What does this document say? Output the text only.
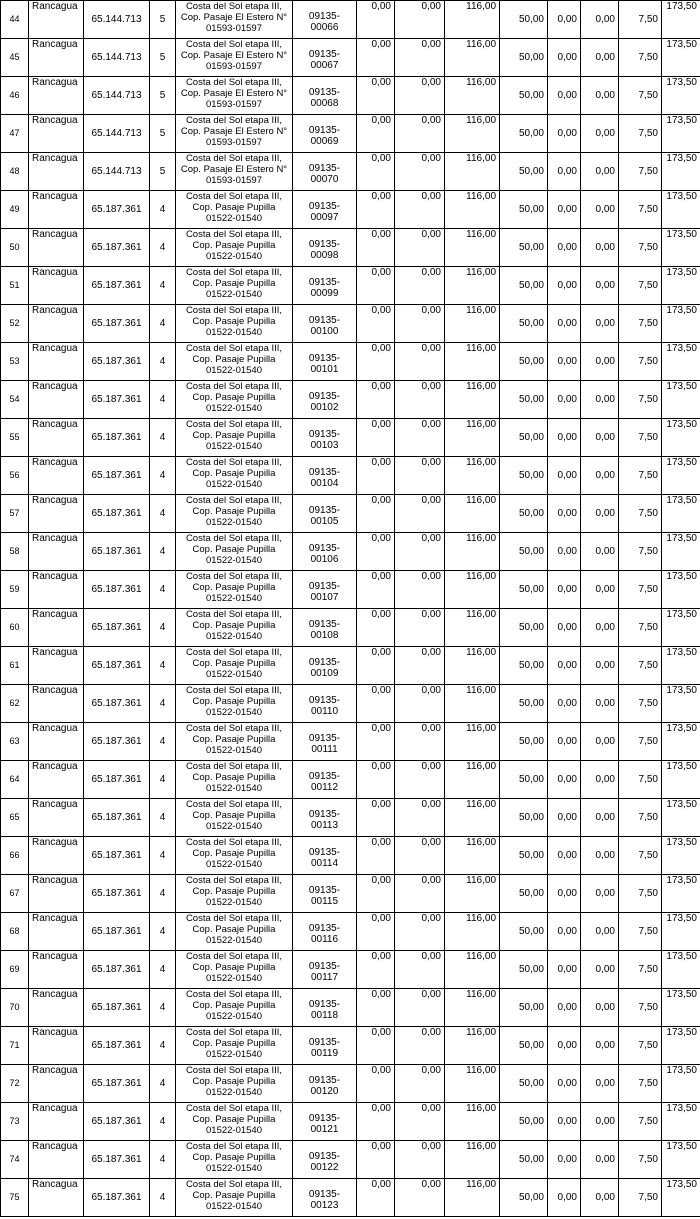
44	Rancagua	65.144.713	5	Costa del Sol etapa III, Cop. Pasaje El Estero N° 01593-01597	09135-00066	0,00	0,00	116,00	50,00	0,00	0,00	7,50	173,50
45	Rancagua	65.144.713	5	Costa del Sol etapa III, Cop. Pasaje El Estero N° 01593-01597	09135-00067	0,00	0,00	116,00	50,00	0,00	0,00	7,50	173,50
46	Rancagua	65.144.713	5	Costa del Sol etapa III, Cop. Pasaje El Estero N° 01593-01597	09135-00068	0,00	0,00	116,00	50,00	0,00	0,00	7,50	173,50
47	Rancagua	65.144.713	5	Costa del Sol etapa III, Cop. Pasaje El Estero N° 01593-01597	09135-00069	0,00	0,00	116,00	50,00	0,00	0,00	7,50	173,50
48	Rancagua	65.144.713	5	Costa del Sol etapa III, Cop. Pasaje El Estero N° 01593-01597	09135-00070	0,00	0,00	116,00	50,00	0,00	0,00	7,50	173,50
49	Rancagua	65.187.361	4	Costa del Sol etapa III, Cop. Pasaje Pupilla 01522-01540	09135-00097	0,00	0,00	116,00	50,00	0,00	0,00	7,50	173,50
50	Rancagua	65.187.361	4	Costa del Sol etapa III, Cop. Pasaje Pupilla 01522-01540	09135-00098	0,00	0,00	116,00	50,00	0,00	0,00	7,50	173,50
51	Rancagua	65.187.361	4	Costa del Sol etapa III, Cop. Pasaje Pupilla 01522-01540	09135-00099	0,00	0,00	116,00	50,00	0,00	0,00	7,50	173,50
52	Rancagua	65.187.361	4	Costa del Sol etapa III, Cop. Pasaje Pupilla 01522-01540	09135-00100	0,00	0,00	116,00	50,00	0,00	0,00	7,50	173,50
53	Rancagua	65.187.361	4	Costa del Sol etapa III, Cop. Pasaje Pupilla 01522-01540	09135-00101	0,00	0,00	116,00	50,00	0,00	0,00	7,50	173,50
54	Rancagua	65.187.361	4	Costa del Sol etapa III, Cop. Pasaje Pupilla 01522-01540	09135-00102	0,00	0,00	116,00	50,00	0,00	0,00	7,50	173,50
55	Rancagua	65.187.361	4	Costa del Sol etapa III, Cop. Pasaje Pupilla 01522-01540	09135-00103	0,00	0,00	116,00	50,00	0,00	0,00	7,50	173,50
56	Rancagua	65.187.361	4	Costa del Sol etapa III, Cop. Pasaje Pupilla 01522-01540	09135-00104	0,00	0,00	116,00	50,00	0,00	0,00	7,50	173,50
57	Rancagua	65.187.361	4	Costa del Sol etapa III, Cop. Pasaje Pupilla 01522-01540	09135-00105	0,00	0,00	116,00	50,00	0,00	0,00	7,50	173,50
58	Rancagua	65.187.361	4	Costa del Sol etapa III, Cop. Pasaje Pupilla 01522-01540	09135-00106	0,00	0,00	116,00	50,00	0,00	0,00	7,50	173,50
59	Rancagua	65.187.361	4	Costa del Sol etapa III, Cop. Pasaje Pupilla 01522-01540	09135-00107	0,00	0,00	116,00	50,00	0,00	0,00	7,50	173,50
60	Rancagua	65.187.361	4	Costa del Sol etapa III, Cop. Pasaje Pupilla 01522-01540	09135-00108	0,00	0,00	116,00	50,00	0,00	0,00	7,50	173,50
61	Rancagua	65.187.361	4	Costa del Sol etapa III, Cop. Pasaje Pupilla 01522-01540	09135-00109	0,00	0,00	116,00	50,00	0,00	0,00	7,50	173,50
62	Rancagua	65.187.361	4	Costa del Sol etapa III, Cop. Pasaje Pupilla 01522-01540	09135-00110	0,00	0,00	116,00	50,00	0,00	0,00	7,50	173,50
63	Rancagua	65.187.361	4	Costa del Sol etapa III, Cop. Pasaje Pupilla 01522-01540	09135-00111	0,00	0,00	116,00	50,00	0,00	0,00	7,50	173,50
64	Rancagua	65.187.361	4	Costa del Sol etapa III, Cop. Pasaje Pupilla 01522-01540	09135-00112	0,00	0,00	116,00	50,00	0,00	0,00	7,50	173,50
65	Rancagua	65.187.361	4	Costa del Sol etapa III, Cop. Pasaje Pupilla 01522-01540	09135-00113	0,00	0,00	116,00	50,00	0,00	0,00	7,50	173,50
66	Rancagua	65.187.361	4	Costa del Sol etapa III, Cop. Pasaje Pupilla 01522-01540	09135-00114	0,00	0,00	116,00	50,00	0,00	0,00	7,50	173,50
67	Rancagua	65.187.361	4	Costa del Sol etapa III, Cop. Pasaje Pupilla 01522-01540	09135-00115	0,00	0,00	116,00	50,00	0,00	0,00	7,50	173,50
68	Rancagua	65.187.361	4	Costa del Sol etapa III, Cop. Pasaje Pupilla 01522-01540	09135-00116	0,00	0,00	116,00	50,00	0,00	0,00	7,50	173,50
69	Rancagua	65.187.361	4	Costa del Sol etapa III, Cop. Pasaje Pupilla 01522-01540	09135-00117	0,00	0,00	116,00	50,00	0,00	0,00	7,50	173,50
70	Rancagua	65.187.361	4	Costa del Sol etapa III, Cop. Pasaje Pupilla 01522-01540	09135-00118	0,00	0,00	116,00	50,00	0,00	0,00	7,50	173,50
71	Rancagua	65.187.361	4	Costa del Sol etapa III, Cop. Pasaje Pupilla 01522-01540	09135-00119	0,00	0,00	116,00	50,00	0,00	0,00	7,50	173,50
72	Rancagua	65.187.361	4	Costa del Sol etapa III, Cop. Pasaje Pupilla 01522-01540	09135-00120	0,00	0,00	116,00	50,00	0,00	0,00	7,50	173,50
73	Rancagua	65.187.361	4	Costa del Sol etapa III, Cop. Pasaje Pupilla 01522-01540	09135-00121	0,00	0,00	116,00	50,00	0,00	0,00	7,50	173,50
74	Rancagua	65.187.361	4	Costa del Sol etapa III, Cop. Pasaje Pupilla 01522-01540	09135-00122	0,00	0,00	116,00	50,00	0,00	0,00	7,50	173,50
75	Rancagua	65.187.361	4	Costa del Sol etapa III, Cop. Pasaje Pupilla 01522-01540	09135-00123	0,00	0,00	116,00	50,00	0,00	0,00	7,50	173,50
